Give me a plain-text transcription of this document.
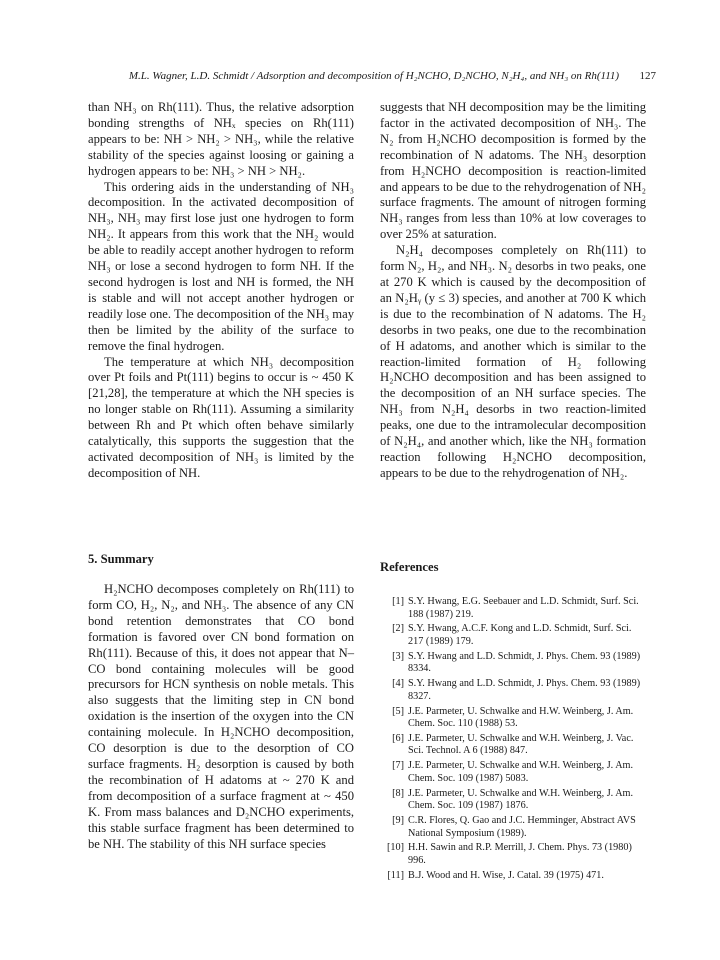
M.L. Wagner, L.D. Schmidt / Adsorption and decomposition of H₂NCHO, D₂NCHO, N₂H₄, and NH₃ on Rh(111)	127

than NH₃ on Rh(111). Thus, the relative adsorption bonding strengths of NHₓ species on Rh(111) appears to be: NH > NH₂ > NH₃, while the relative stability of the species against loosing or gaining a hydrogen appears to be: NH₃ > NH > NH₂.

This ordering aids in the understanding of NH₃ decomposition. In the activated decomposition of NH₃, NH₃ may first lose just one hydrogen to form NH₂. It appears from this work that the NH₂ would be able to readily accept another hydrogen to reform NH₃ or lose a second hydrogen to form NH. If the second hydrogen is lost and NH is formed, the NH is stable and will not accept another hydrogen or readily lose one. The decomposition of the NH₃ may then be limited by the ability of the surface to remove the final hydrogen.

The temperature at which NH₃ decomposition over Pt foils and Pt(111) begins to occur is ~ 450 K [21,28], the temperature at which the NH species is no longer stable on Rh(111). Assuming a similarity between Rh and Pt which often behave similarly catalytically, this supports the suggestion that the activated decomposition of NH₃ is limited by the decomposition of NH.

5. Summary

H₂NCHO decomposes completely on Rh(111) to form CO, H₂, N₂, and NH₃. The absence of any CN bond retention demonstrates that CO bond formation is favored over CN bond formation on Rh(111). Because of this, it does not appear that N–CO bond containing molecules will be good precursors for HCN synthesis on noble metals. This also suggests that the limiting step in CN bond oxidation is the insertion of the oxygen into the CN containing molecule. In H₂NCHO decomposition, CO desorption is due to the desorption of CO surface fragments. H₂ desorption is caused by both the recombination of H adatoms at ~ 270 K and from decomposition of a surface fragment at ~ 450 K. From mass balances and D₂NCHO experiments, this stable surface fragment has been determined to be NH. The stability of this NH surface species

suggests that NH decomposition may be the limiting factor in the activated decomposition of NH₃. The N₂ from H₂NCHO decomposition is formed by the recombination of N adatoms. The NH₃ desorption from H₂NCHO decomposition is reaction-limited and appears to be due to the rehydrogenation of NH₂ surface fragments. The amount of nitrogen forming NH₃ ranges from less than 10% at low coverages to over 25% at saturation.

N₂H₄ decomposes completely on Rh(111) to form N₂, H₂, and NH₃. N₂ desorbs in two peaks, one at 270 K which is caused by the decomposition of an N₂Hᵧ (y ≤ 3) species, and another at 700 K which is due to the recombination of N adatoms. The H₂ desorbs in two peaks, one due to the recombination of H adatoms, and another which is similar to the reaction-limited formation of H₂ following H₂NCHO decomposition and has been assigned to the decomposition of an NH surface species. The NH₃ from N₂H₄ desorbs in two reaction-limited peaks, one due to the intramolecular decomposition of N₂H₄, and another which, like the NH₃ formation reaction following H₂NCHO decomposition, appears to be due to the rehydrogenation of NH₂.

References

[1] S.Y. Hwang, E.G. Seebauer and L.D. Schmidt, Surf. Sci. 188 (1987) 219.
[2] S.Y. Hwang, A.C.F. Kong and L.D. Schmidt, Surf. Sci. 217 (1989) 179.
[3] S.Y. Hwang and L.D. Schmidt, J. Phys. Chem. 93 (1989) 8334.
[4] S.Y. Hwang and L.D. Schmidt, J. Phys. Chem. 93 (1989) 8327.
[5] J.E. Parmeter, U. Schwalke and H.W. Weinberg, J. Am. Chem. Soc. 110 (1988) 53.
[6] J.E. Parmeter, U. Schwalke and W.H. Weinberg, J. Vac. Sci. Technol. A 6 (1988) 847.
[7] J.E. Parmeter, U. Schwalke and W.H. Weinberg, J. Am. Chem. Soc. 109 (1987) 5083.
[8] J.E. Parmeter, U. Schwalke and W.H. Weinberg, J. Am. Chem. Soc. 109 (1987) 1876.
[9] C.R. Flores, Q. Gao and J.C. Hemminger, Abstract AVS National Symposium (1989).
[10] H.H. Sawin and R.P. Merrill, J. Chem. Phys. 73 (1980) 996.
[11] B.J. Wood and H. Wise, J. Catal. 39 (1975) 471.
